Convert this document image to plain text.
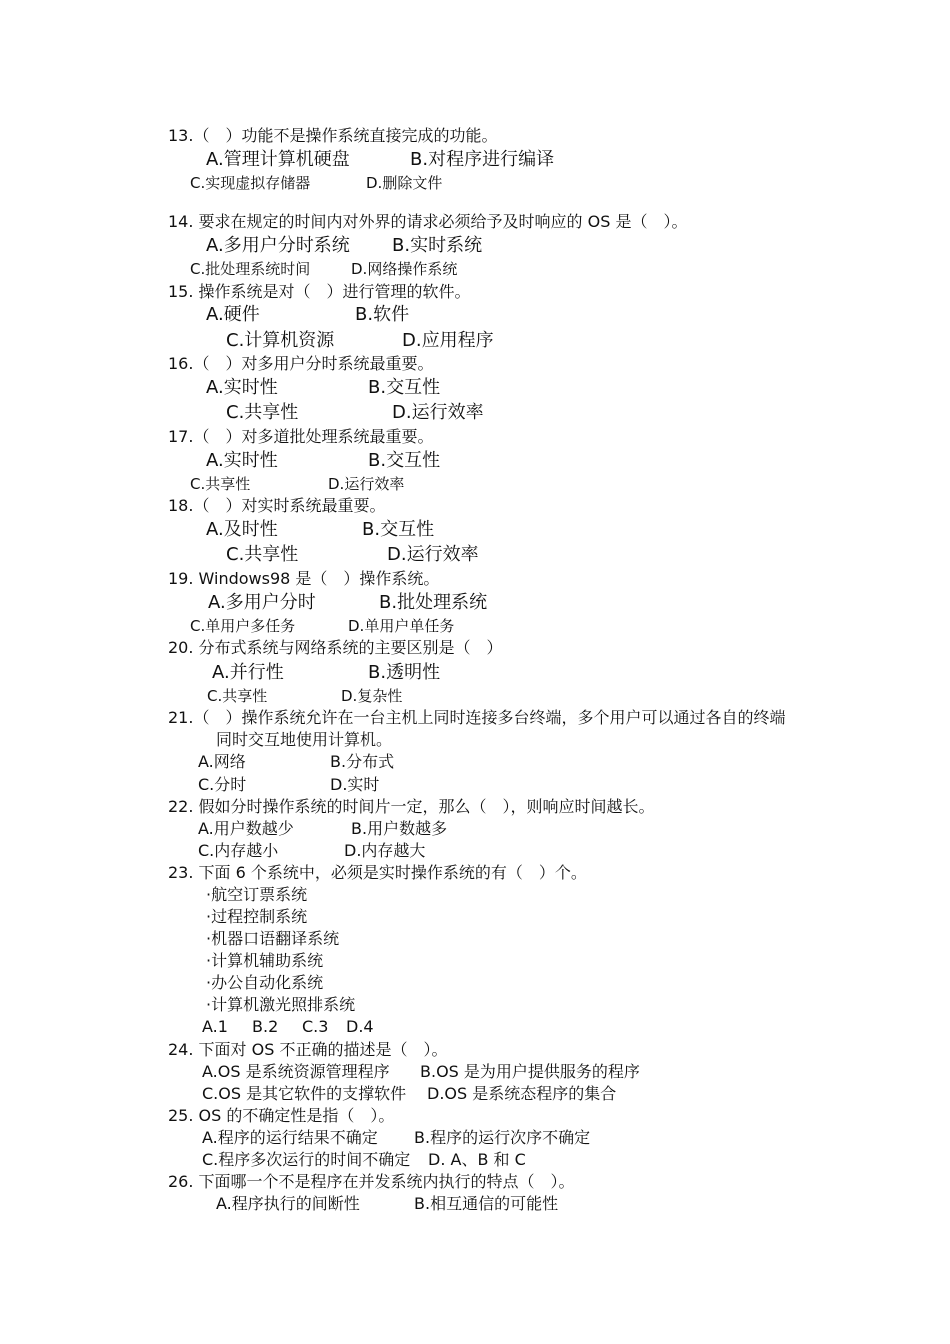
13.（　）功能不是操作系统直接完成的功能。
A.管理计算机硬盘	B.对程序进行编译
C.实现虚拟存储器	D.删除文件
14. 要求在规定的时间内对外界的请求必须给予及时响应的 OS 是（　）。
A.多用户分时系统 B.实时系统
C.批处理系统时间	D.网络操作系统
15. 操作系统是对（　）进行管理的软件。
A.硬件	B.软件
C.计算机资源	D.应用程序
16.（　）对多用户分时系统最重要。
A.实时性	B.交互性
C.共享性	D.运行效率
17.（　）对多道批处理系统最重要。
A.实时性	B.交互性
C.共享性	D.运行效率
18.（　）对实时系统最重要。
A.及时性	B.交互性
C.共享性	D.运行效率
19. Windows98 是（　）操作系统。
A.多用户分时	B.批处理系统
C.单用户多任务	D.单用户单任务
20. 分布式系统与网络系统的主要区别是（　）
A.并行性	B.透明性
C.共享性	D.复杂性
21.（　）操作系统允许在一台主机上同时连接多台终端，多个用户可以通过各自的终端
同时交互地使用计算机。
A.网络	B.分布式
C.分时	D.实时
22. 假如分时操作系统的时间片一定，那么（　），则响应时间越长。
A.用户数越少	B.用户数越多
C.内存越小	D.内存越大
23. 下面 6 个系统中，必须是实时操作系统的有（　）个。
·航空订票系统
·过程控制系统
·机器口语翻译系统
·计算机辅助系统
·办公自动化系统
·计算机激光照排系统
A.1 B.2 C.3 D.4
24. 下面对 OS 不正确的描述是（　）。
A.OS 是系统资源管理程序 B.OS 是为用户提供服务的程序
C.OS 是其它软件的支撑软件 D.OS 是系统态程序的集合
25. OS 的不确定性是指（　）。
A.程序的运行结果不确定 B.程序的运行次序不确定
C.程序多次运行的时间不确定 D. A、B 和 C
26. 下面哪一个不是程序在并发系统内执行的特点（　）。
A.程序执行的间断性	B.相互通信的可能性
